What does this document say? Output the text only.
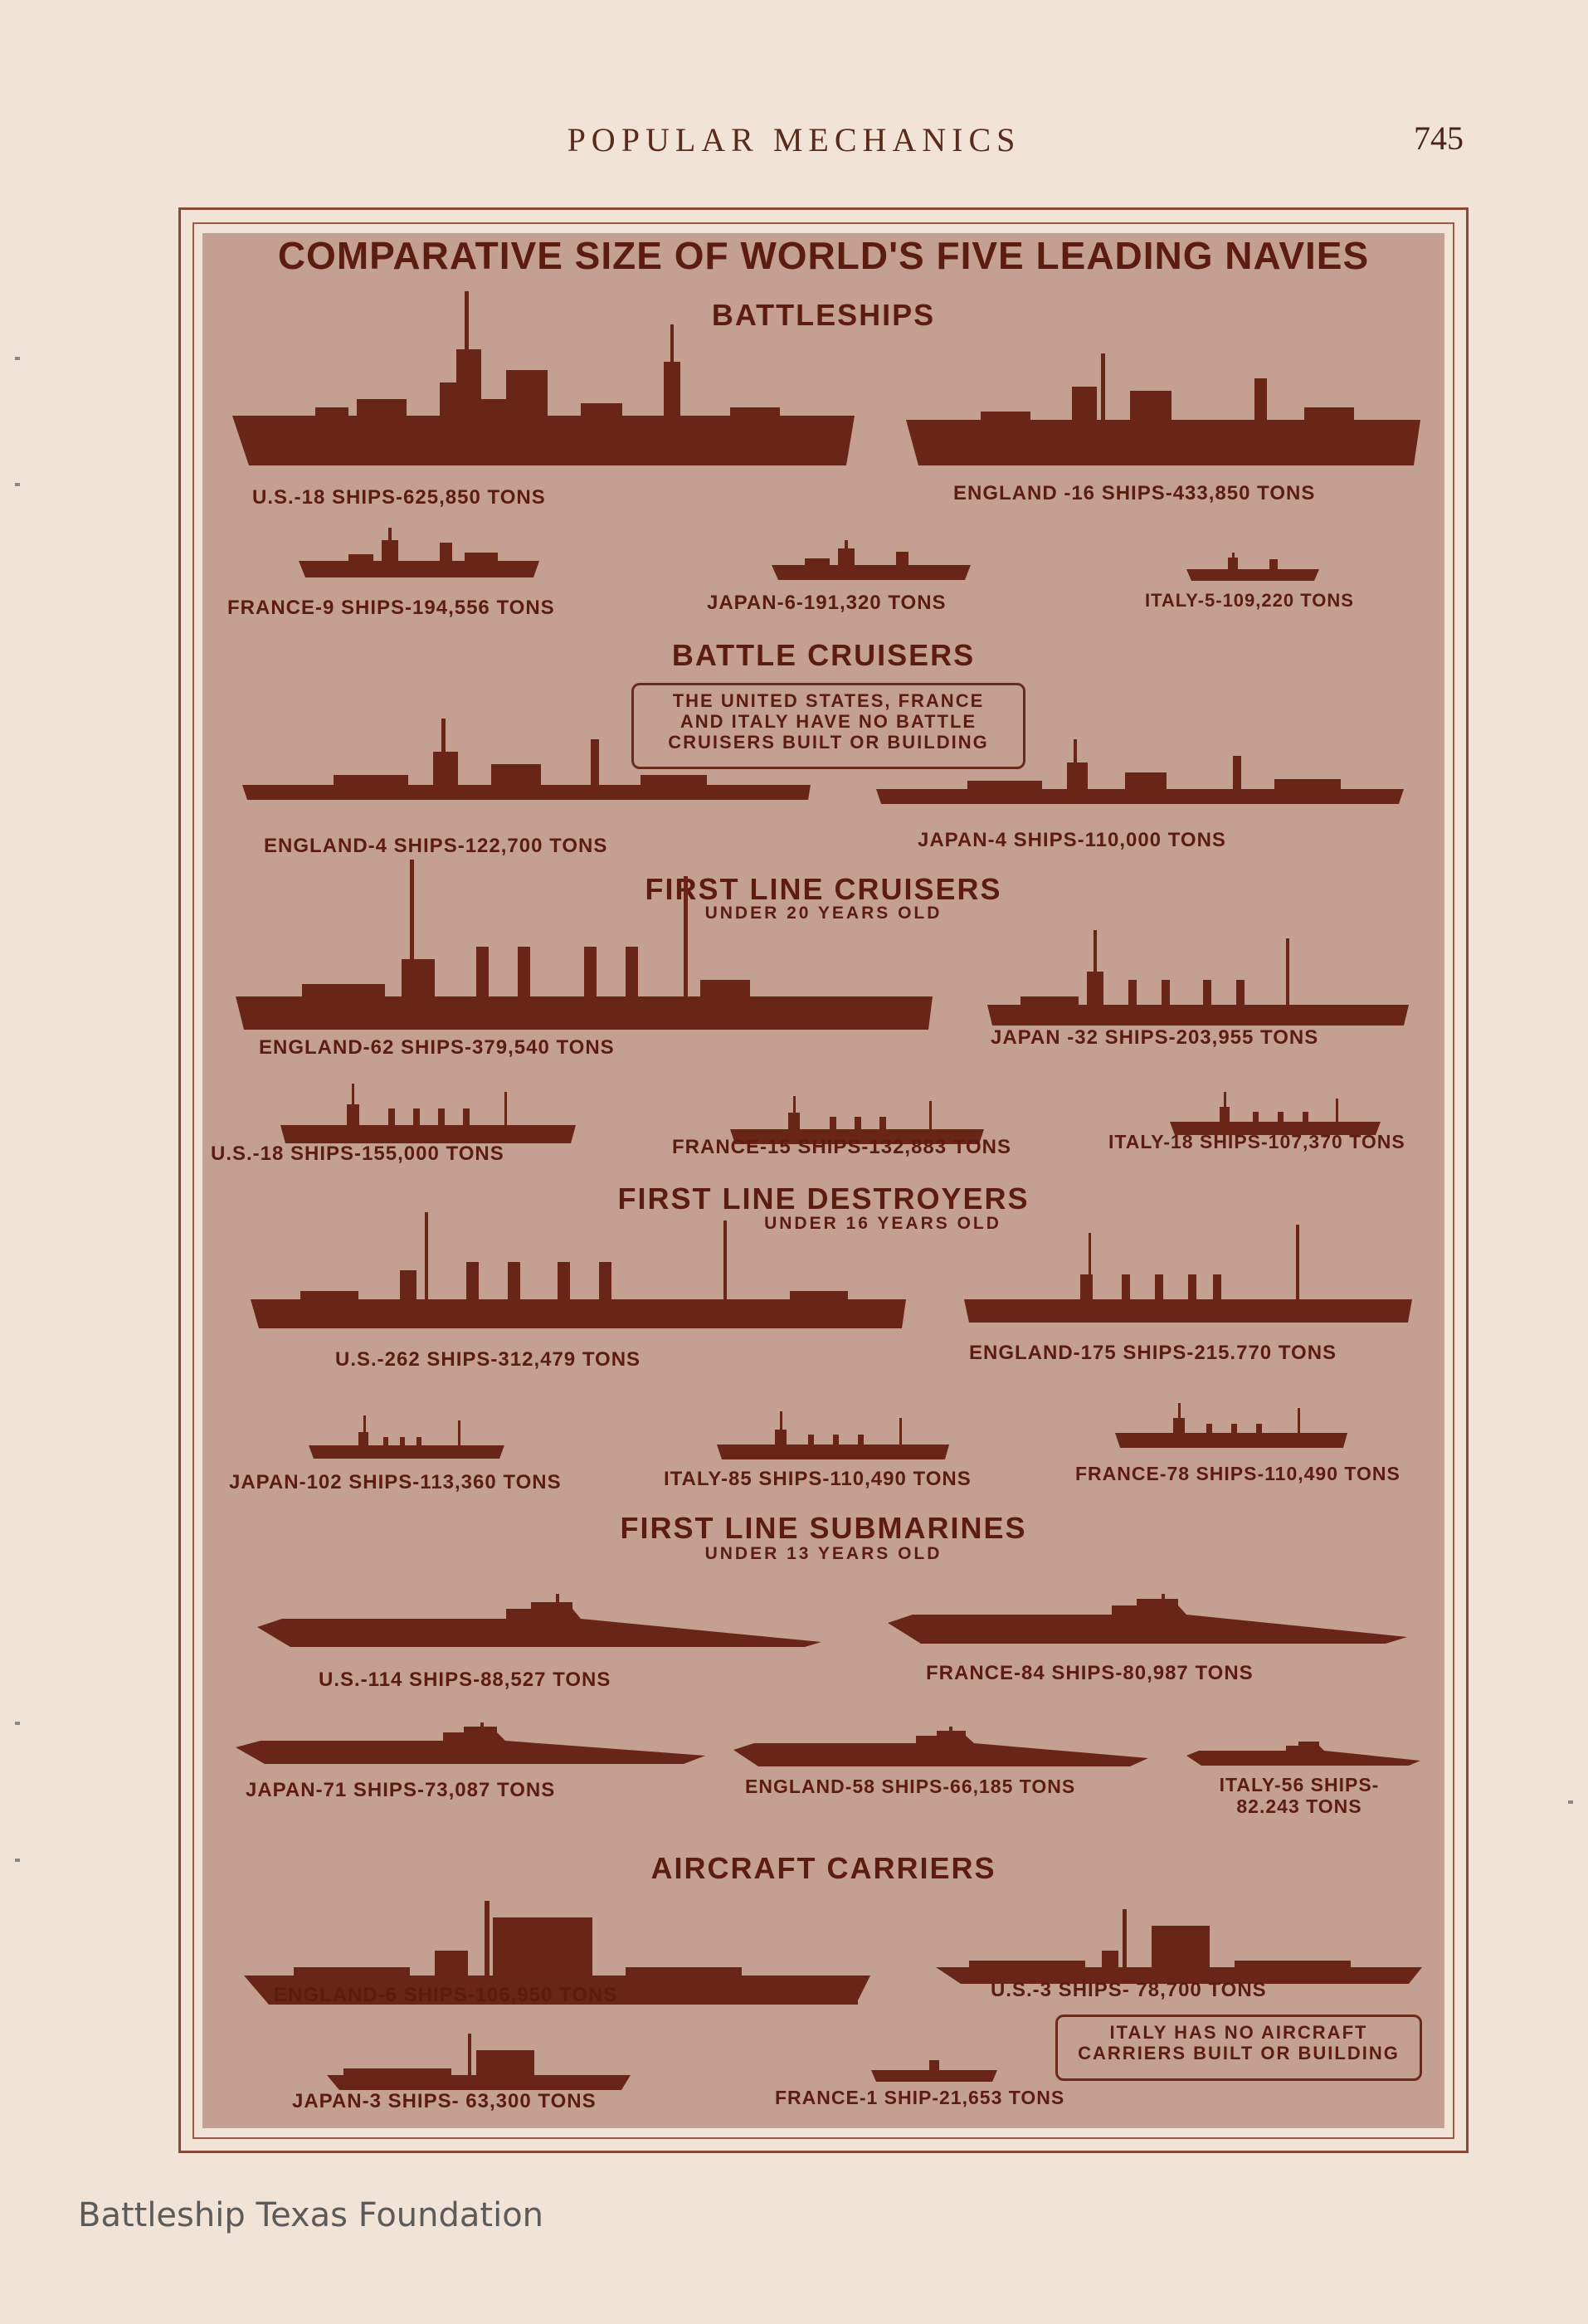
POPULAR MECHANICS	745
COMPARATIVE SIZE OF WORLD'S FIVE LEADING NAVIES
BATTLESHIPS
U.S.-18 SHIPS-625,850 TONS	ENGLAND -16 SHIPS-433,850 TONS
FRANCE-9 SHIPS-194,556 TONS	JAPAN-6-191,320 TONS	ITALY-5-109,220 TONS
BATTLE CRUISERS
THE UNITED STATES, FRANCE
AND ITALY HAVE NO BATTLE
CRUISERS BUILT OR BUILDING
ENGLAND-4 SHIPS-122,700 TONS	JAPAN-4 SHIPS-110,000 TONS
FIRST LINE CRUISERS
UNDER 20 YEARS OLD
ENGLAND-62 SHIPS-379,540 TONS	JAPAN -32 SHIPS-203,955 TONS
U.S.-18 SHIPS-155,000 TONS	FRANCE-15 SHIPS-132,883 TONS	ITALY-18 SHIPS-107,370 TONS
FIRST LINE DESTROYERS
UNDER 16 YEARS OLD
U.S.-262 SHIPS-312,479 TONS	ENGLAND-175 SHIPS-215.770 TONS
JAPAN-102 SHIPS-113,360 TONS	ITALY-85 SHIPS-110,490 TONS	FRANCE-78 SHIPS-110,490 TONS
FIRST LINE SUBMARINES
UNDER 13 YEARS OLD
U.S.-114 SHIPS-88,527 TONS	FRANCE-84 SHIPS-80,987 TONS
JAPAN-71 SHIPS-73,087 TONS	ENGLAND-58 SHIPS-66,185 TONS	ITALY-56 SHIPS-
82.243 TONS
AIRCRAFT CARRIERS
ENGLAND-6 SHIPS-106,950 TONS	U.S.-3 SHIPS- 78,700 TONS
ITALY HAS NO AIRCRAFT
CARRIERS BUILT OR BUILDING
JAPAN-3 SHIPS- 63,300 TONS	FRANCE-1 SHIP-21,653 TONS
Battleship Texas Foundation
